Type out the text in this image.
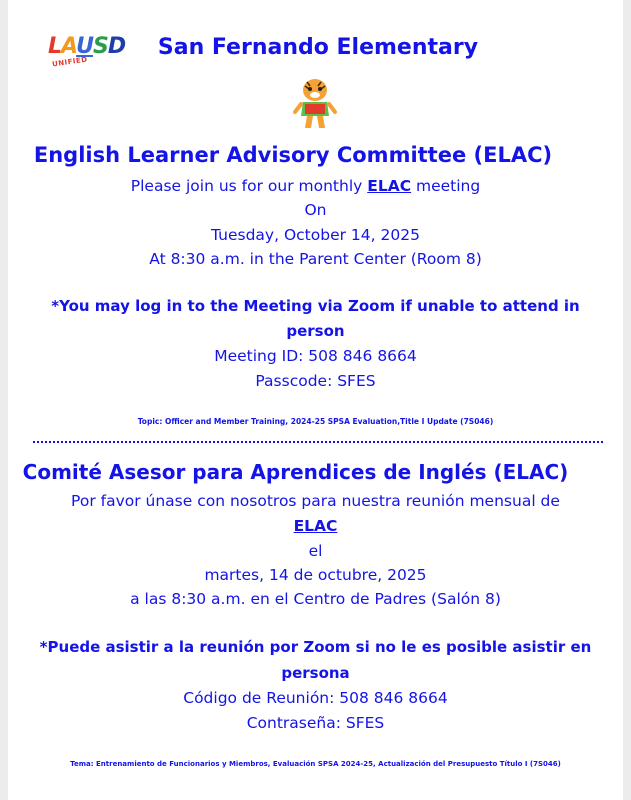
LAUSD
UNIFIED
San Fernando Elementary
English Learner Advisory Committee (ELAC)
Please join us for our monthly ELAC meeting
On
Tuesday, October 14, 2025
At 8:30 a.m. in the Parent Center (Room 8)
*You may log in to the Meeting via Zoom if unable to attend in
person
Meeting ID: 508 846 8664
Passcode: SFES
Topic: Officer and Member Training, 2024-25 SPSA Evaluation,Title I Update (7S046)
Comité Asesor para Aprendices de Inglés (ELAC)
Por favor únase con nosotros para nuestra reunión mensual de
ELAC
el
martes, 14 de octubre, 2025
a las 8:30 a.m. en el Centro de Padres (Salón 8)
*Puede asistir a la reunión por Zoom si no le es posible asistir en
persona
Código de Reunión: 508 846 8664
Contraseña: SFES
Tema: Entrenamiento de Funcionarios y Miembros, Evaluación SPSA 2024-25, Actualización del Presupuesto Título I (7S046)
